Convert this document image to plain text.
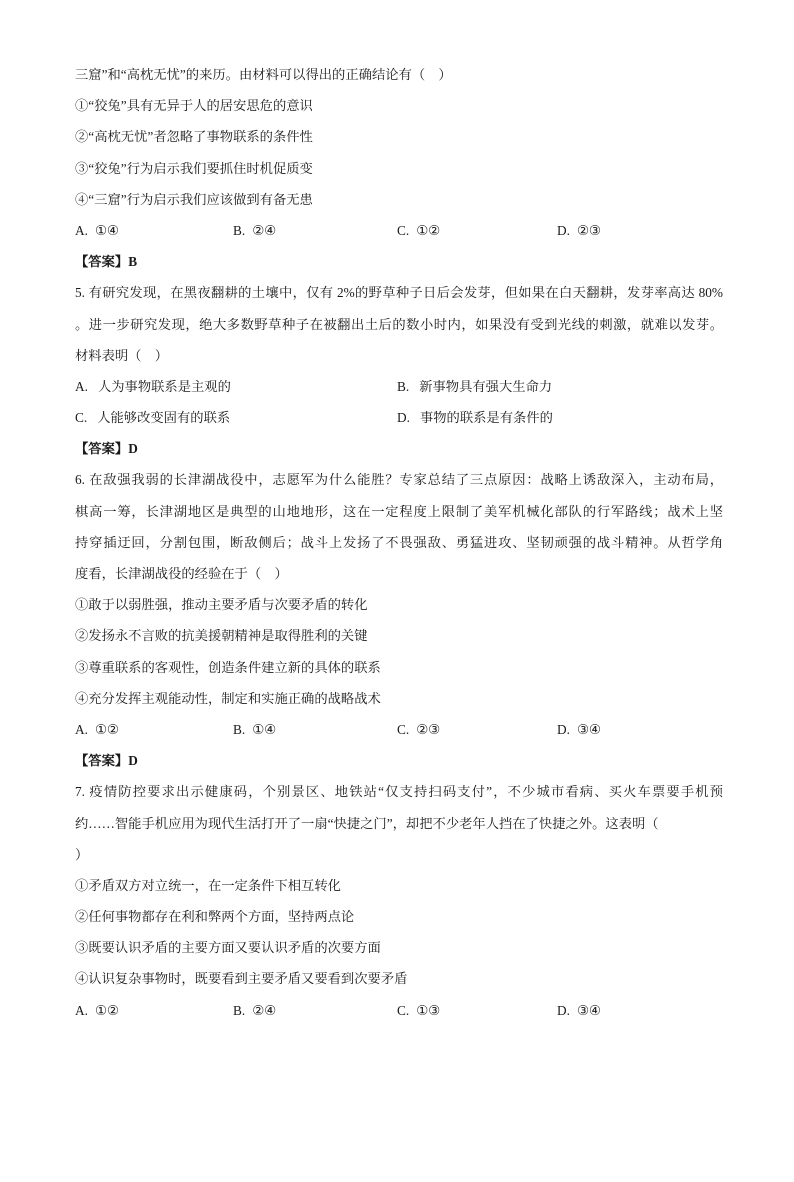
三窟”和“高枕无忧”的来历。由材料可以得出的正确结论有（    ）
①“狡兔”具有无异于人的居安思危的意识
②“高枕无忧”者忽略了事物联系的条件性
③“狡兔”行为启示我们要抓住时机促质变
④“三窟”行为启示我们应该做到有备无患

A. ①④

	B. ②④

	C. ①②

	D. ②③

【答案】B
5. 有研究发现，在黑夜翻耕的土壤中，仅有 2%的野草种子日后会发芽，但如果在白天翻耕，发芽率高达 80%
。进一步研究发现，绝大多数野草种子在被翻出土后的数小时内，如果没有受到光线的刺激，就难以发芽。
材料表明（    ）

A. 人为事物联系是主观的

	B. 新事物具有强大生命力

C. 人能够改变固有的联系

	D. 事物的联系是有条件的

【答案】D
6. 在敌强我弱的长津湖战役中，志愿军为什么能胜？专家总结了三点原因：战略上诱敌深入，主动布局，
棋高一筹，长津湖地区是典型的山地地形，这在一定程度上限制了美军机械化部队的行军路线；战术上坚
持穿插迂回，分割包围，断敌侧后；战斗上发扬了不畏强敌、勇猛进攻、坚韧顽强的战斗精神。从哲学角
度看，长津湖战役的经验在于（    ）
①敢于以弱胜强，推动主要矛盾与次要矛盾的转化
②发扬永不言败的抗美援朝精神是取得胜利的关键
③尊重联系的客观性，创造条件建立新的具体的联系
④充分发挥主观能动性，制定和实施正确的战略战术

A. ①②

	B. ①④

	C. ②③

	D. ③④

【答案】D
7. 疫情防控要求出示健康码，个别景区、地铁站“仅支持扫码支付”，不少城市看病、买火车票要手机预
约……智能手机应用为现代生活打开了一扇“快捷之门”，却把不少老年人挡在了快捷之外。这表明（
）
①矛盾双方对立统一，在一定条件下相互转化
②任何事物都存在利和弊两个方面，坚持两点论
③既要认识矛盾的主要方面又要认识矛盾的次要方面
④认识复杂事物时，既要看到主要矛盾又要看到次要矛盾

A. ①②

	B. ②④

	C. ①③

	D. ③④
